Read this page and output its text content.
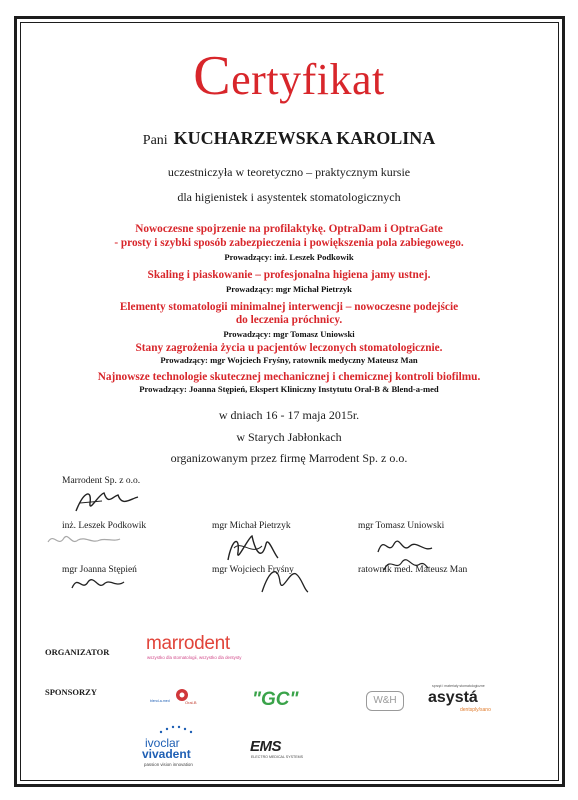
Certyfikat
Pani KUCHARZEWSKA KAROLINA
uczestniczyła w teoretyczno – praktycznym kursie
dla higienistek i asystentek stomatologicznych
Nowoczesne spojrzenie na profilaktykę. OptraDam i OptraGate
- prosty i szybki sposób zabezpieczenia i powiększenia pola zabiegowego.
Prowadzący: inż. Leszek Podkowik
Skaling i piaskowanie – profesjonalna higiena jamy ustnej.
Prowadzący: mgr Michał Pietrzyk
Elementy stomatologii minimalnej interwencji – nowoczesne podejście
do leczenia próchnicy.
Prowadzący: mgr Tomasz Uniowski
Stany zagrożenia życia u pacjentów leczonych stomatologicznie.
Prowadzący: mgr Wojciech Fryśny, ratownik medyczny Mateusz Man
Najnowsze technologie skutecznej mechanicznej i chemicznej kontroli biofilmu.
Prowadzący: Joanna Stępień, Ekspert Kliniczny Instytutu Oral-B & Blend-a-med
w dniach 16 - 17 maja 2015r.
w Starych Jabłonkach
organizowanym przez firmę Marrodent Sp. z o.o.
Marrodent Sp. z o.o.
inż. Leszek Podkowik	mgr Michał Pietrzyk	mgr Tomasz Uniowski
mgr Joanna Stępień	mgr Wojciech Fryśny	ratownik med. Mateusz Man
ORGANIZATOR marrodent
wszystko dla stomatologii, wszystko dla dentysty
SPONSORZY
blend-a-med	Oral-B	"GC"	W&H
sprzęt i materiały stomatologiczne
asystá
dentsply/sano
ivoclar
vivadent
passion vision innovation
EMS
ELECTRO MEDICAL SYSTEMS
